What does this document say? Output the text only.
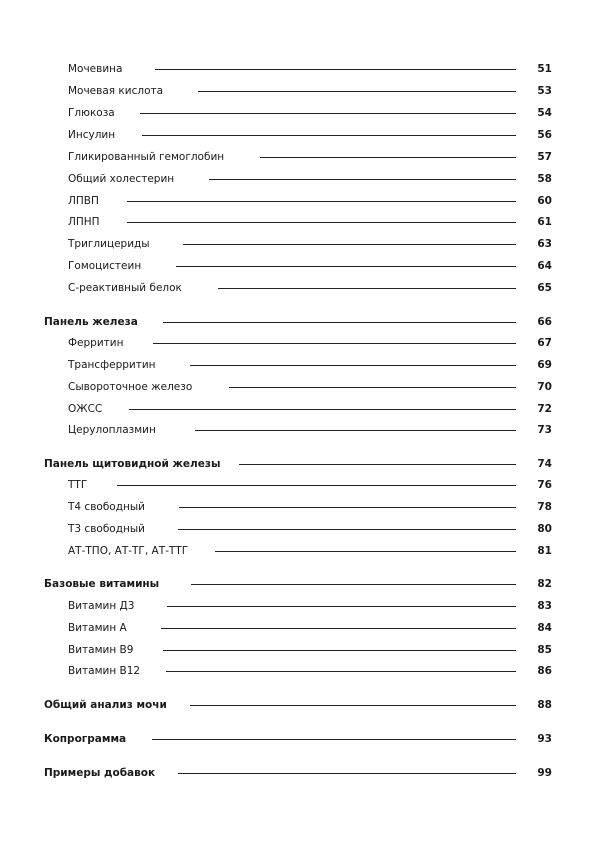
Мочевина	51
Мочевая кислота	53
Глюкоза	54
Инсулин	56
Гликированный гемоглобин	57
Общий холестерин	58
ЛПВП	60
ЛПНП	61
Триглицериды	63
Гомоцистеин	64
С-реактивный белок	65
Панель железа	66
Ферритин	67
Трансферритин	69
Сывороточное железо	70
ОЖСС	72
Церулоплазмин	73
Панель щитовидной железы	74
ТТГ	76
Т4 свободный	78
Т3 свободный	80
АТ-ТПО, АТ-ТГ, АТ-ТТГ	81
Базовые витамины	82
Витамин Д3	83
Витамин А	84
Витамин В9	85
Витамин В12	86
Общий анализ мочи	88
Копрограмма	93
Примеры добавок	99
